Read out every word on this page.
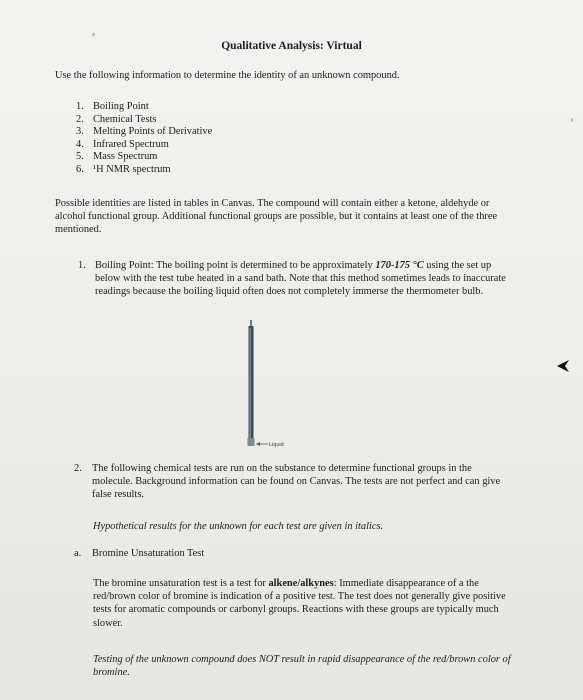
Qualitative Analysis: Virtual
Use the following information to determine the identity of an unknown compound.
1. Boiling Point
2. Chemical Tests
3. Melting Points of Derivative
4. Infrared Spectrum
5. Mass Spectrum
6. ¹H NMR spectrum
Possible identities are listed in tables in Canvas. The compound will contain either a ketone, aldehyde or alcohol functional group. Additional functional groups are possible, but it contains at least one of the three mentioned.
1. Boiling Point: The boiling point is determined to be approximately 170-175 °C using the set up below with the test tube heated in a sand bath. Note that this method sometimes leads to inaccurate readings because the boiling liquid often does not completely immerse the thermometer bulb.
Liquid
2. The following chemical tests are run on the substance to determine functional groups in the molecule. Background information can be found on Canvas. The tests are not perfect and can give false results.
Hypothetical results for the unknown for each test are given in italics.
a.	Bromine Unsaturation Test
The bromine unsaturation test is a test for alkene/alkynes: Immediate disappearance of a the red/brown color of bromine is indication of a positive test. The test does not generally give positive tests for aromatic compounds or carbonyl groups. Reactions with these groups are typically much slower.
Testing of the unknown compound does NOT result in rapid disappearance of the red/brown color of bromine.
